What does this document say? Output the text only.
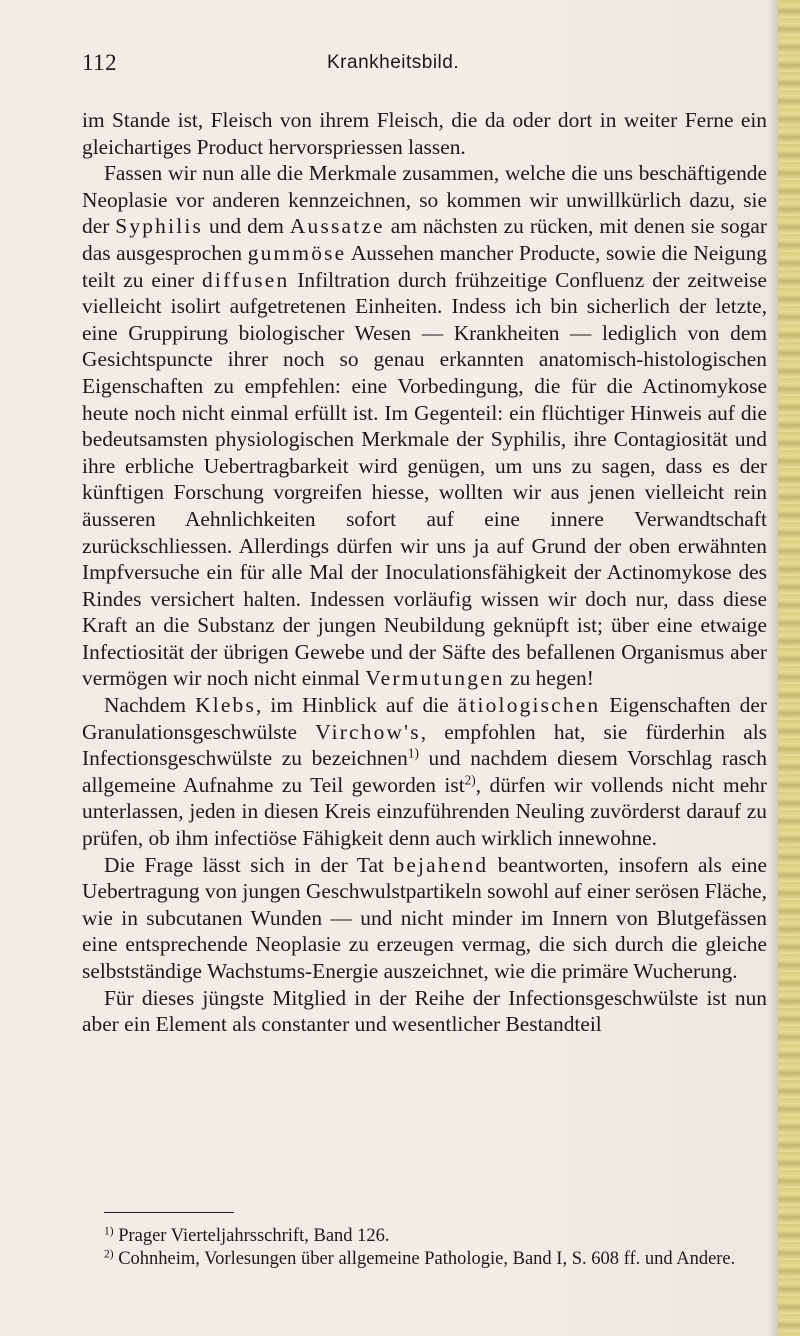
112	Krankheitsbild.

im Stande ist, Fleisch von ihrem Fleisch, die da oder dort in weiter Ferne ein gleichartiges Product hervorspriessen lassen.

Fassen wir nun alle die Merkmale zusammen, welche die uns beschäftigende Neoplasie vor anderen kennzeichnen, so kommen wir unwillkürlich dazu, sie der Syphilis und dem Aussatze am nächsten zu rücken, mit denen sie sogar das ausgesprochen gummöse Aussehen mancher Producte, sowie die Neigung teilt zu einer diffusen Infiltration durch frühzeitige Confluenz der zeitweise vielleicht isolirt aufgetretenen Einheiten. Indess ich bin sicherlich der letzte, eine Gruppirung biologischer Wesen — Krankheiten — lediglich von dem Gesichtspuncte ihrer noch so genau erkannten anatomisch-histologischen Eigenschaften zu empfehlen: eine Vorbedingung, die für die Actinomykose heute noch nicht einmal erfüllt ist. Im Gegenteil: ein flüchtiger Hinweis auf die bedeutsamsten physiologischen Merkmale der Syphilis, ihre Contagiosität und ihre erbliche Uebertragbarkeit wird genügen, um uns zu sagen, dass es der künftigen Forschung vorgreifen hiesse, wollten wir aus jenen vielleicht rein äusseren Aehnlichkeiten sofort auf eine innere Verwandtschaft zurückschliessen. Allerdings dürfen wir uns ja auf Grund der oben erwähnten Impfversuche ein für alle Mal der Inoculationsfähigkeit der Actinomykose des Rindes versichert halten. Indessen vorläufig wissen wir doch nur, dass diese Kraft an die Substanz der jungen Neubildung geknüpft ist; über eine etwaige Infectiosität der übrigen Gewebe und der Säfte des befallenen Organismus aber vermögen wir noch nicht einmal Vermutungen zu hegen!

Nachdem Klebs, im Hinblick auf die ätiologischen Eigenschaften der Granulationsgeschwülste Virchow's, empfohlen hat, sie fürderhin als Infectionsgeschwülste zu bezeichnen$^{1)}$ und nachdem diesem Vorschlag rasch allgemeine Aufnahme zu Teil geworden ist$^{2)}$, dürfen wir vollends nicht mehr unterlassen, jeden in diesen Kreis einzuführenden Neuling zuvörderst darauf zu prüfen, ob ihm infectiöse Fähigkeit denn auch wirklich innewohne.

Die Frage lässt sich in der Tat bejahend beantworten, insofern als eine Uebertragung von jungen Geschwulstpartikeln sowohl auf einer serösen Fläche, wie in subcutanen Wunden — und nicht minder im Innern von Blutgefässen eine entsprechende Neoplasie zu erzeugen vermag, die sich durch die gleiche selbstständige Wachstums-Energie auszeichnet, wie die primäre Wucherung.

Für dieses jüngste Mitglied in der Reihe der Infectionsgeschwülste ist nun aber ein Element als constanter und wesentlicher Bestandteil

$^{1)}$ Prager Vierteljahrsschrift, Band 126.
$^{2)}$ Cohnheim, Vorlesungen über allgemeine Pathologie, Band I, S. 608 ff. und Andere.
